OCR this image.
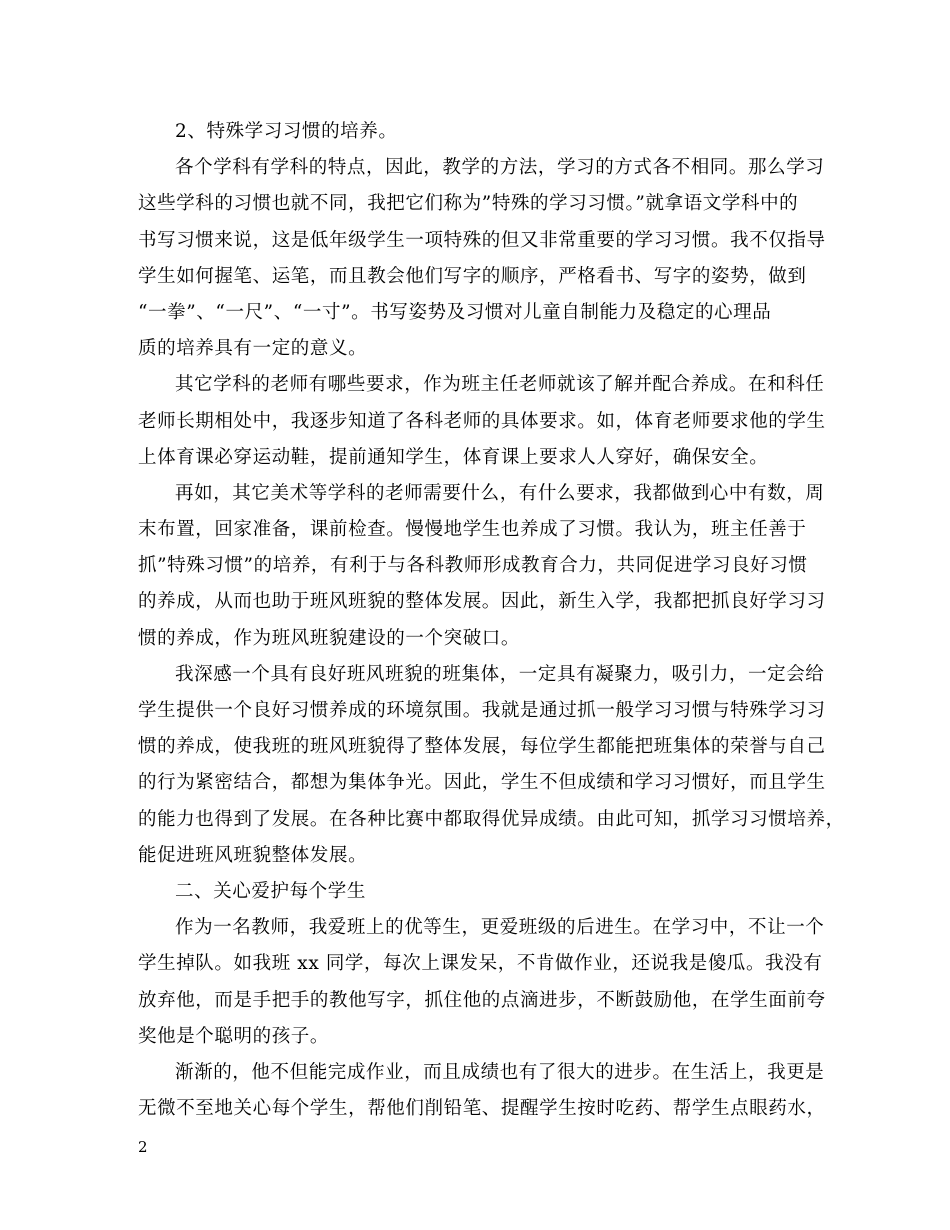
2、特殊学习习惯的培养。
各个学科有学科的特点，因此，教学的方法，学习的方式各不相同。那么学习
这些学科的习惯也就不同，我把它们称为”特殊的学习习惯。”就拿语文学科中的
书写习惯来说，这是低年级学生一项特殊的但又非常重要的学习习惯。我不仅指导
学生如何握笔、运笔，而且教会他们写字的顺序，严格看书、写字的姿势，做到
“一拳”、“一尺”、“一寸”。书写姿势及习惯对儿童自制能力及稳定的心理品
质的培养具有一定的意义。
其它学科的老师有哪些要求，作为班主任老师就该了解并配合养成。在和科任
老师长期相处中，我逐步知道了各科老师的具体要求。如，体育老师要求他的学生
上体育课必穿运动鞋，提前通知学生，体育课上要求人人穿好，确保安全。
再如，其它美术等学科的老师需要什么，有什么要求，我都做到心中有数，周
末布置，回家准备，课前检查。慢慢地学生也养成了习惯。我认为，班主任善于
抓”特殊习惯”的培养，有利于与各科教师形成教育合力，共同促进学习良好习惯
的养成，从而也助于班风班貌的整体发展。因此，新生入学，我都把抓良好学习习
惯的养成，作为班风班貌建设的一个突破口。
我深感一个具有良好班风班貌的班集体，一定具有凝聚力，吸引力，一定会给
学生提供一个良好习惯养成的环境氛围。我就是通过抓一般学习习惯与特殊学习习
惯的养成，使我班的班风班貌得了整体发展，每位学生都能把班集体的荣誉与自己
的行为紧密结合，都想为集体争光。因此，学生不但成绩和学习习惯好，而且学生
的能力也得到了发展。在各种比赛中都取得优异成绩。由此可知，抓学习习惯培养，
能促进班风班貌整体发展。
二、关心爱护每个学生
作为一名教师，我爱班上的优等生，更爱班级的后进生。在学习中，不让一个
学生掉队。如我班 xx 同学，每次上课发呆，不肯做作业，还说我是傻瓜。我没有
放弃他，而是手把手的教他写字，抓住他的点滴进步，不断鼓励他，在学生面前夸
奖他是个聪明的孩子。
渐渐的，他不但能完成作业，而且成绩也有了很大的进步。在生活上，我更是
无微不至地关心每个学生，帮他们削铅笔、提醒学生按时吃药、帮学生点眼药水，
2
